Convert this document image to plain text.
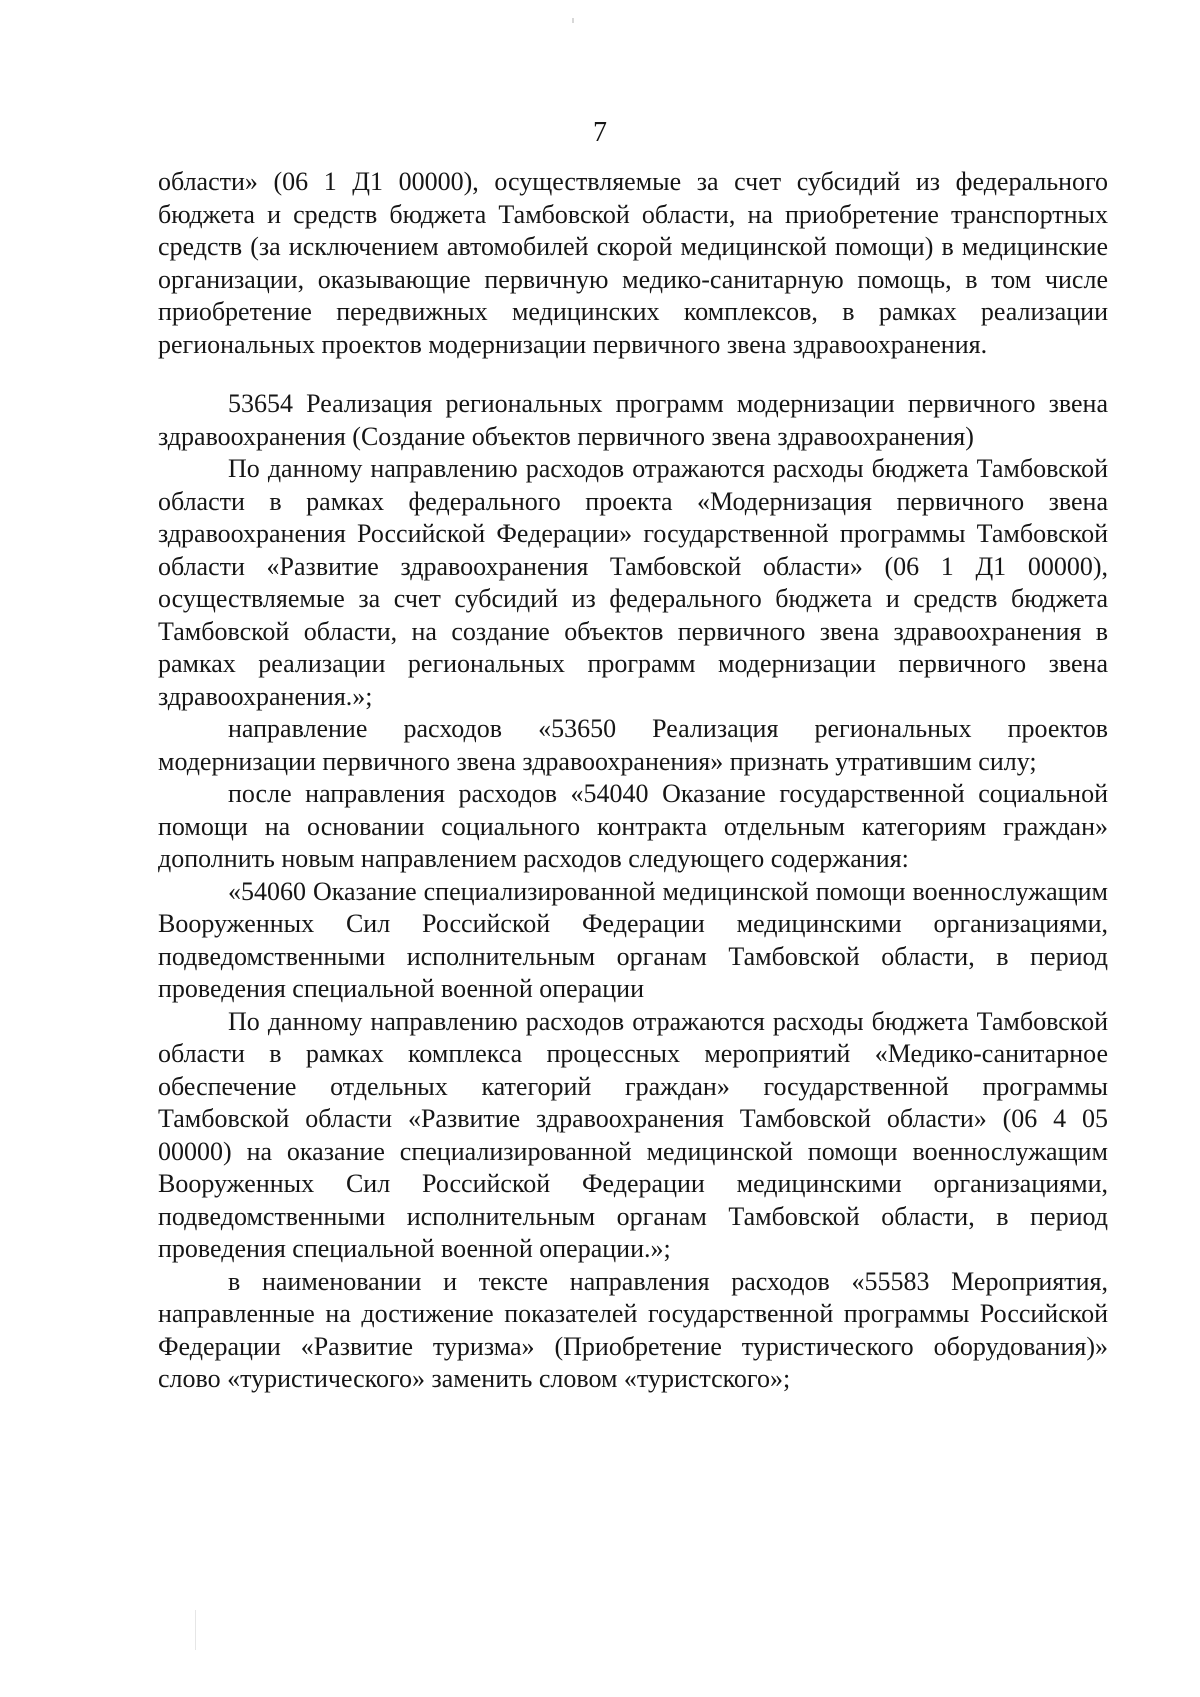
7

области» (06 1 Д1 00000), осуществляемые за счет субсидий из федерального бюджета и средств бюджета Тамбовской области, на приобретение транспортных средств (за исключением автомобилей скорой медицинской помощи) в медицинские организации, оказывающие первичную медико-санитарную помощь, в том числе приобретение передвижных медицинских комплексов, в рамках реализации региональных проектов модернизации первичного звена здравоохранения.

53654 Реализация региональных программ модернизации первичного звена здравоохранения (Создание объектов первичного звена здравоохранения)

По данному направлению расходов отражаются расходы бюджета Тамбовской области в рамках федерального проекта «Модернизация первичного звена здравоохранения Российской Федерации» государственной программы Тамбовской области «Развитие здравоохранения Тамбовской области» (06 1 Д1 00000), осуществляемые за счет субсидий из федерального бюджета и средств бюджета Тамбовской области, на создание объектов первичного звена здравоохранения в рамках реализации региональных программ модернизации первичного звена здравоохранения.»;

направление расходов «53650 Реализация региональных проектов модернизации первичного звена здравоохранения» признать утратившим силу;

после направления расходов «54040 Оказание государственной социальной помощи на основании социального контракта отдельным категориям граждан» дополнить новым направлением расходов следующего содержания:

«54060 Оказание специализированной медицинской помощи военнослужащим Вооруженных Сил Российской Федерации медицинскими организациями, подведомственными исполнительным органам Тамбовской области, в период проведения специальной военной операции

По данному направлению расходов отражаются расходы бюджета Тамбовской области в рамках комплекса процессных мероприятий «Медико-санитарное обеспечение отдельных категорий граждан» государственной программы Тамбовской области «Развитие здравоохранения Тамбовской области» (06 4 05 00000) на оказание специализированной медицинской помощи военнослужащим Вооруженных Сил Российской Федерации медицинскими организациями, подведомственными исполнительным органам Тамбовской области, в период проведения специальной военной операции.»;

в наименовании и тексте направления расходов «55583 Мероприятия, направленные на достижение показателей государственной программы Российской Федерации «Развитие туризма» (Приобретение туристического оборудования)» слово «туристического» заменить словом «туристского»;
